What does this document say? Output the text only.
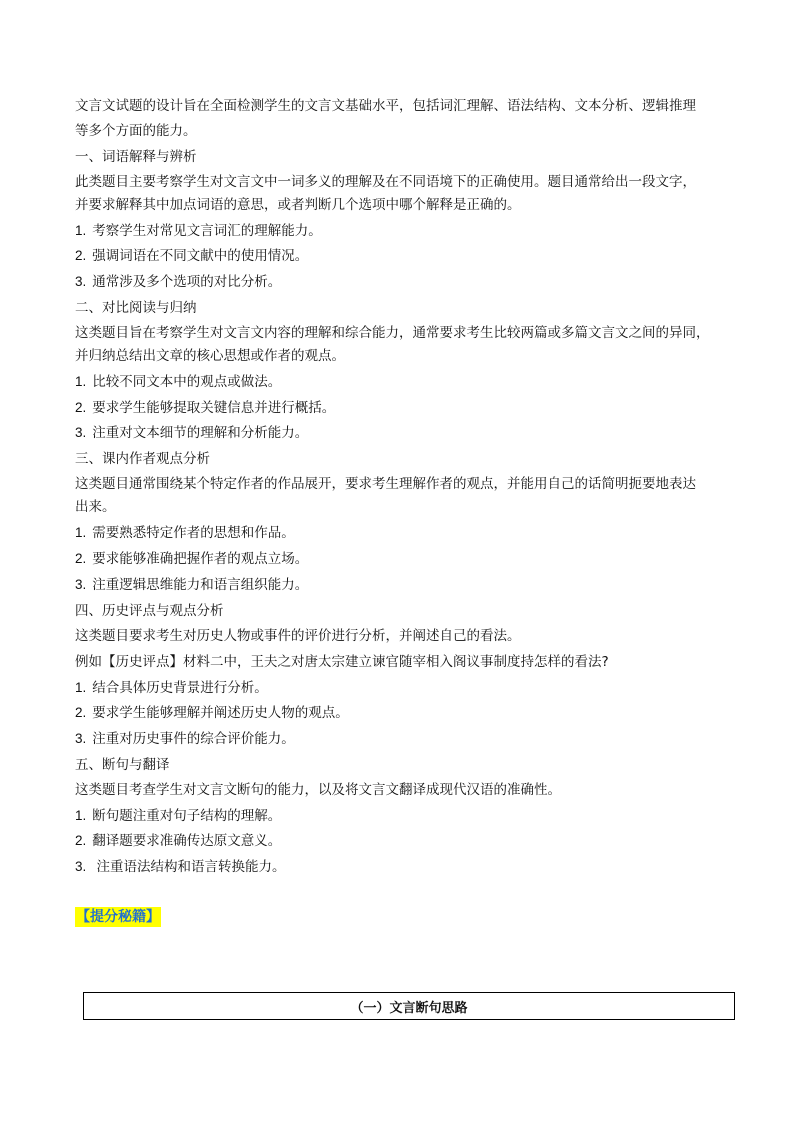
文言文试题的设计旨在全面检测学生的文言文基础水平，包括词汇理解、语法结构、文本分析、逻辑推理
等多个方面的能力。
一、词语解释与辨析
此类题目主要考察学生对文言文中一词多义的理解及在不同语境下的正确使用。题目通常给出一段文字，
并要求解释其中加点词语的意思，或者判断几个选项中哪个解释是正确的。
1. 考察学生对常见文言词汇的理解能力。
2. 强调词语在不同文献中的使用情况。
3. 通常涉及多个选项的对比分析。
二、对比阅读与归纳
这类题目旨在考察学生对文言文内容的理解和综合能力，通常要求考生比较两篇或多篇文言文之间的异同，
并归纳总结出文章的核心思想或作者的观点。
1. 比较不同文本中的观点或做法。
2. 要求学生能够提取关键信息并进行概括。
3. 注重对文本细节的理解和分析能力。
三、课内作者观点分析
这类题目通常围绕某个特定作者的作品展开，要求考生理解作者的观点，并能用自己的话简明扼要地表达
出来。
1. 需要熟悉特定作者的思想和作品。
2. 要求能够准确把握作者的观点立场。
3. 注重逻辑思维能力和语言组织能力。
四、历史评点与观点分析
这类题目要求考生对历史人物或事件的评价进行分析，并阐述自己的看法。
例如【历史评点】材料二中，王夫之对唐太宗建立谏官随宰相入阁议事制度持怎样的看法?
1. 结合具体历史背景进行分析。
2. 要求学生能够理解并阐述历史人物的观点。
3. 注重对历史事件的综合评价能力。
五、断句与翻译
这类题目考查学生对文言文断句的能力，以及将文言文翻译成现代汉语的准确性。
1. 断句题注重对句子结构的理解。
2. 翻译题要求准确传达原文意义。
3. 注重语法结构和语言转换能力。
【提分秘籍】
（一）文言断句思路
